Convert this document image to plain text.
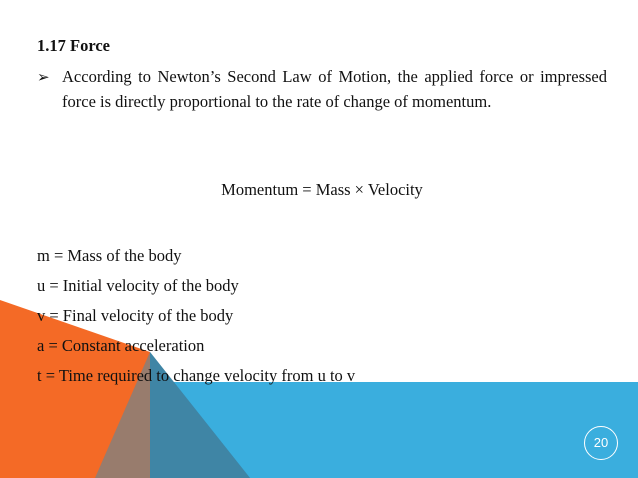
1.17 Force
➢ According to Newton’s Second Law of Motion, the applied force or impressed force is directly proportional to the rate of change of momentum.
Momentum = Mass × Velocity
m = Mass of the body
u = Initial velocity of the body
v = Final velocity of the body
a = Constant acceleration
t = Time required to change velocity from u to v
20
